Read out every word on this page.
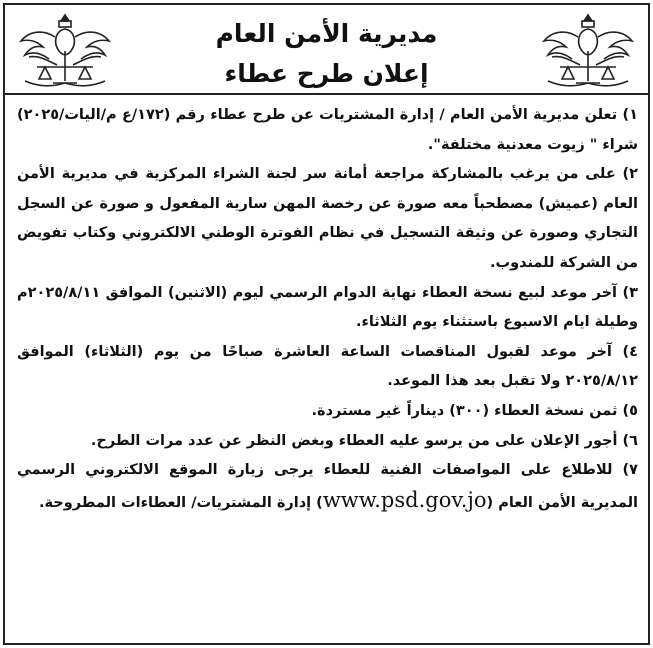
مديرية الأمن العام
إعلان طرح عطاء

١) تعلن مديرية الأمن العام / إدارة المشتريات عن طرح عطاء رقم (١٧٢/ع م/اليات/٢٠٢٥) شراء " زيوت معدنية مختلفة".

٢) على من يرغب بالمشاركة مراجعة أمانة سر لجنة الشراء المركزية في مديرية الأمن العام (عميش) مصطحباً معه صورة عن رخصة المهن سارية المفعول و صورة عن السجل التجاري وصورة عن وثيقة التسجيل في نظام الفوترة الوطني الالكتروني وكتاب تفويض من الشركة للمندوب.

٣) آخر موعد لبيع نسخة العطاء نهاية الدوام الرسمي ليوم (الاثنين) الموافق ٢٠٢٥/٨/١١م وطيلة ايام الاسبوع باستثناء يوم الثلاثاء.

٤) آخر موعد لقبول المناقصات الساعة العاشرة صباحًا من يوم (الثلاثاء) الموافق ٢٠٢٥/٨/١٢ ولا تقبل بعد هذا الموعد.

٥) ثمن نسخة العطاء (٣٠٠) ديناراً غير مستردة.

٦) أجور الإعلان على من يرسو عليه العطاء وبغض النظر عن عدد مرات الطرح.

٧) للاطلاع على المواصفات الفنية للعطاء يرجى زيارة الموقع الالكتروني الرسمي المديرية الأمن العام (www.psd.gov.jo) إدارة المشتريات/ العطاءات المطروحة.
